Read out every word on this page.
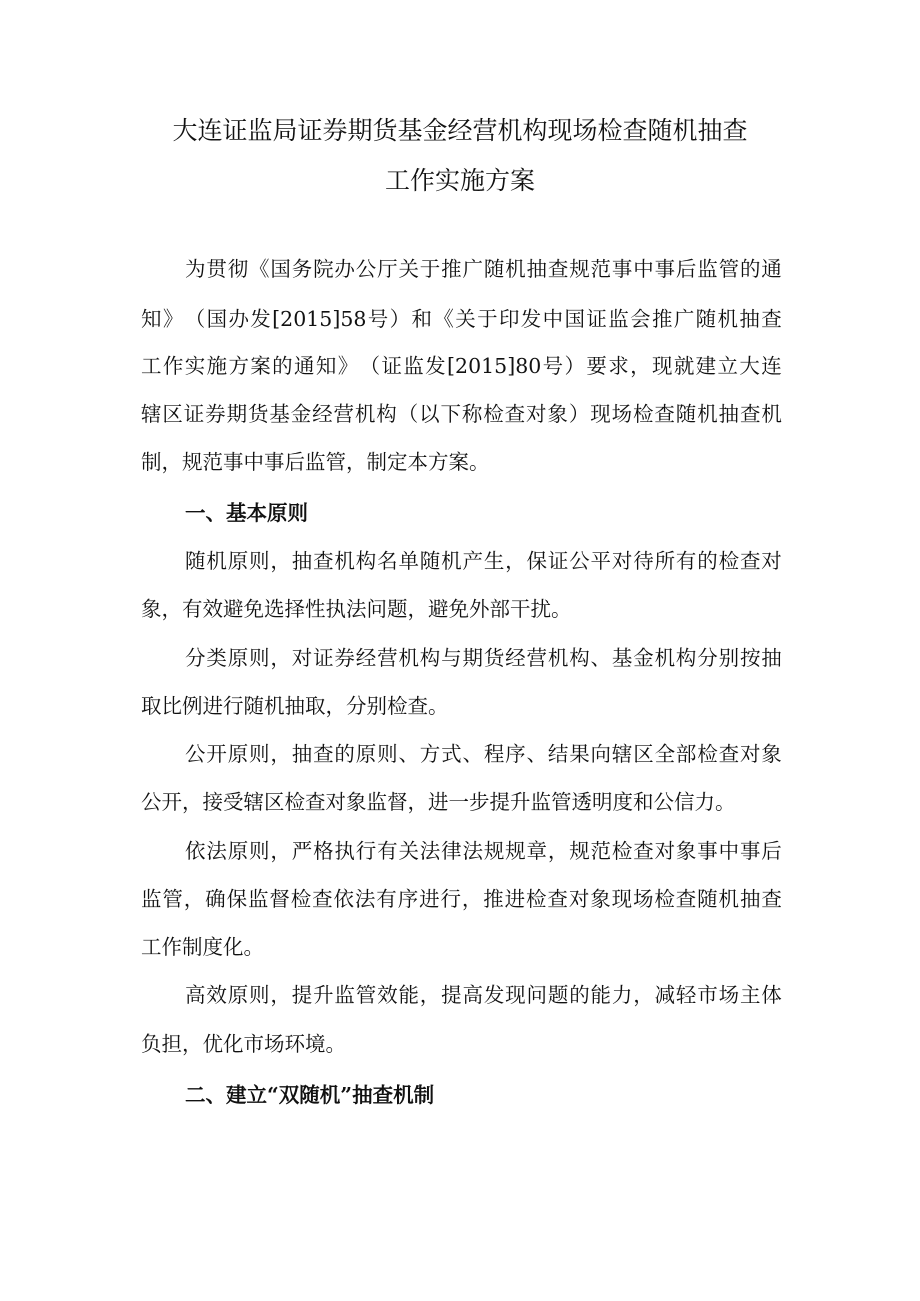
大连证监局证券期货基金经营机构现场检查随机抽查
工作实施方案
为 贯 彻 《 国 务 院 办 公 厅 关 于 推 广 随 机 抽 查 规 范 事 中 事 后 监 管 的 通
知 》 （ 国 办 发 [2015]58 号 ） 和 《 关 于 印 发 中 国 证 监 会 推 广 随 机 抽 查
工 作 实 施 方 案 的 通 知 》 （ 证 监 发 [2015]80 号 ） 要 求 ， 现 就 建 立 大 连
辖 区 证 券 期 货 基 金 经 营 机 构 （ 以 下 称 检 查 对 象 ） 现 场 检 查 随 机 抽 查 机
制，规范事中事后监管，制定本方案。
一、基本原则
随 机 原 则 ， 抽 查 机 构 名 单 随 机 产 生 ， 保 证 公 平 对 待 所 有 的 检 查 对
象，有效避免选择性执法问题，避免外部干扰。
分 类 原 则 ， 对 证 券 经 营 机 构 与 期 货 经 营 机 构 、 基 金 机 构 分 别 按 抽
取比例进行随机抽取，分别检查。
公 开 原 则 ， 抽 查 的 原 则 、 方 式 、 程 序 、 结 果 向 辖 区 全 部 检 查 对 象
公开，接受辖区检查对象监督，进一步提升监管透明度和公信力。
依 法 原 则 ， 严 格 执 行 有 关 法 律 法 规 规 章 ， 规 范 检 查 对 象 事 中 事 后
监 管 ， 确 保 监 督 检 查 依 法 有 序 进 行 ， 推 进 检 查 对 象 现 场 检 查 随 机 抽 查
工作制度化。
高 效 原 则 ， 提 升 监 管 效 能 ， 提 高 发 现 问 题 的 能 力 ， 减 轻 市 场 主 体
负担，优化市场环境。
二、建立“双随机”抽查机制
